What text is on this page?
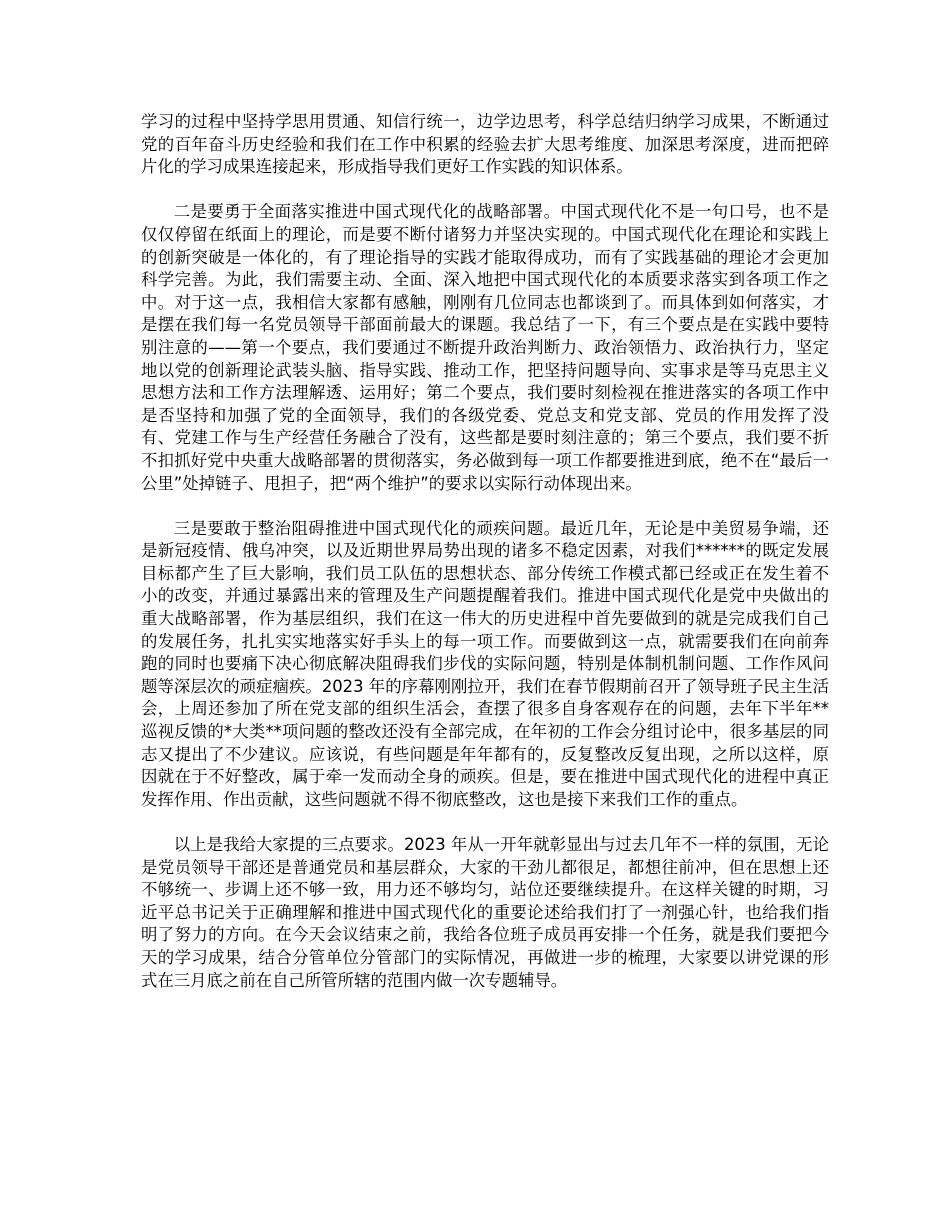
学习的过程中坚持学思用贯通、知信行统一，边学边思考，科学总结归纳学习成果，不断通过党的百年奋斗历史经验和我们在工作中积累的经验去扩大思考维度、加深思考深度，进而把碎片化的学习成果连接起来，形成指导我们更好工作实践的知识体系。

二是要勇于全面落实推进中国式现代化的战略部署。中国式现代化不是一句口号，也不是仅仅停留在纸面上的理论，而是要不断付诸努力并坚决实现的。中国式现代化在理论和实践上的创新突破是一体化的，有了理论指导的实践才能取得成功，而有了实践基础的理论才会更加科学完善。为此，我们需要主动、全面、深入地把中国式现代化的本质要求落实到各项工作之中。对于这一点，我相信大家都有感触，刚刚有几位同志也都谈到了。而具体到如何落实，才是摆在我们每一名党员领导干部面前最大的课题。我总结了一下，有三个要点是在实践中要特别注意的——第一个要点，我们要通过不断提升政治判断力、政治领悟力、政治执行力，坚定地以党的创新理论武装头脑、指导实践、推动工作，把坚持问题导向、实事求是等马克思主义思想方法和工作方法理解透、运用好；第二个要点，我们要时刻检视在推进落实的各项工作中是否坚持和加强了党的全面领导，我们的各级党委、党总支和党支部、党员的作用发挥了没有、党建工作与生产经营任务融合了没有，这些都是要时刻注意的；第三个要点，我们要不折不扣抓好党中央重大战略部署的贯彻落实，务必做到每一项工作都要推进到底，绝不在“最后一公里”处掉链子、甩担子，把“两个维护”的要求以实际行动体现出来。

三是要敢于整治阻碍推进中国式现代化的顽疾问题。最近几年，无论是中美贸易争端，还是新冠疫情、俄乌冲突，以及近期世界局势出现的诸多不稳定因素，对我们******的既定发展目标都产生了巨大影响，我们员工队伍的思想状态、部分传统工作模式都已经或正在发生着不小的改变，并通过暴露出来的管理及生产问题提醒着我们。推进中国式现代化是党中央做出的重大战略部署，作为基层组织，我们在这一伟大的历史进程中首先要做到的就是完成我们自己的发展任务，扎扎实实地落实好手头上的每一项工作。而要做到这一点，就需要我们在向前奔跑的同时也要痛下决心彻底解决阻碍我们步伐的实际问题，特别是体制机制问题、工作作风问题等深层次的顽症痼疾。2023 年的序幕刚刚拉开，我们在春节假期前召开了领导班子民主生活会，上周还参加了所在党支部的组织生活会，查摆了很多自身客观存在的问题，去年下半年**巡视反馈的*大类**项问题的整改还没有全部完成，在年初的工作会分组讨论中，很多基层的同志又提出了不少建议。应该说，有些问题是年年都有的，反复整改反复出现，之所以这样，原因就在于不好整改，属于牵一发而动全身的顽疾。但是，要在推进中国式现代化的进程中真正发挥作用、作出贡献，这些问题就不得不彻底整改，这也是接下来我们工作的重点。

以上是我给大家提的三点要求。2023 年从一开年就彰显出与过去几年不一样的氛围，无论是党员领导干部还是普通党员和基层群众，大家的干劲儿都很足，都想往前冲，但在思想上还不够统一、步调上还不够一致，用力还不够均匀，站位还要继续提升。在这样关键的时期，习近平总书记关于正确理解和推进中国式现代化的重要论述给我们打了一剂强心针，也给我们指明了努力的方向。在今天会议结束之前，我给各位班子成员再安排一个任务，就是我们要把今天的学习成果，结合分管单位分管部门的实际情况，再做进一步的梳理，大家要以讲党课的形式在三月底之前在自己所管所辖的范围内做一次专题辅导。
